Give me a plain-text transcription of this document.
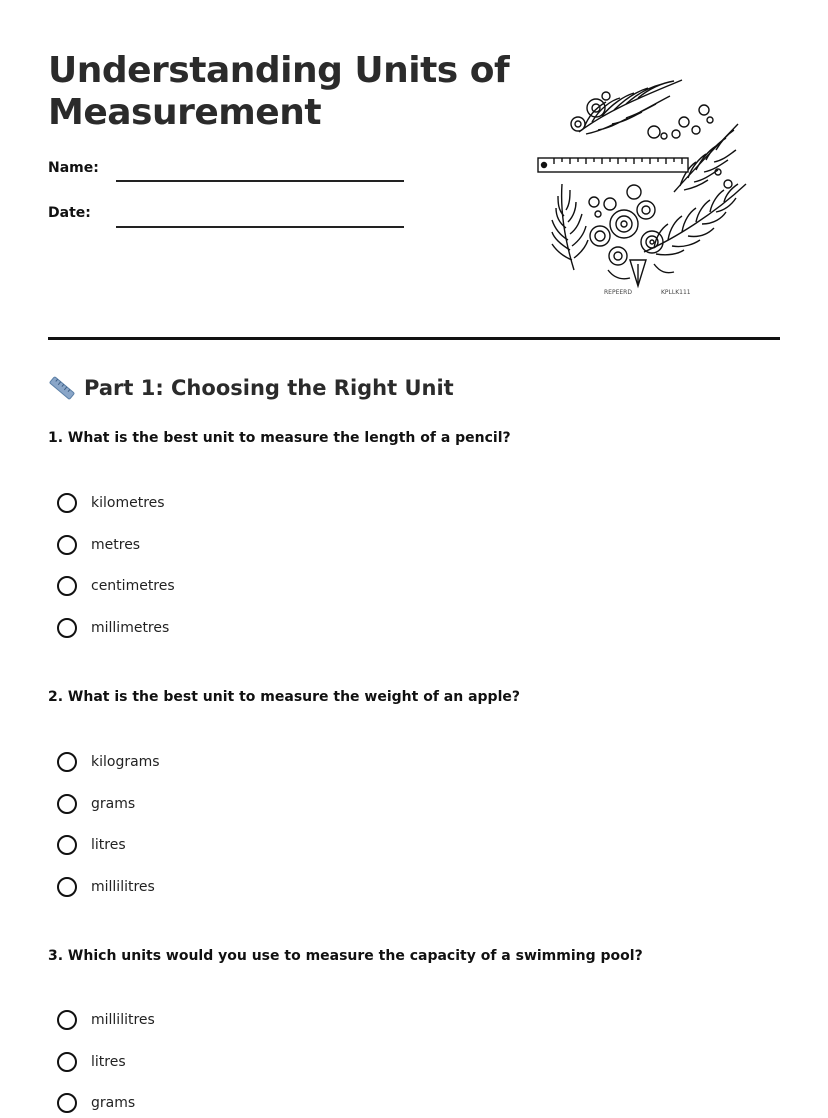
Understanding Units of Measurement
Name:
Date:
REPEERD	KPLLK111
Part 1: Choosing the Right Unit

1. What is the best unit to measure the length of a pencil?

kilometres
metres
centimetres
millimetres

2. What is the best unit to measure the weight of an apple?

kilograms
grams
litres
millilitres

3. Which units would you use to measure the capacity of a swimming pool?

millilitres
litres
grams
